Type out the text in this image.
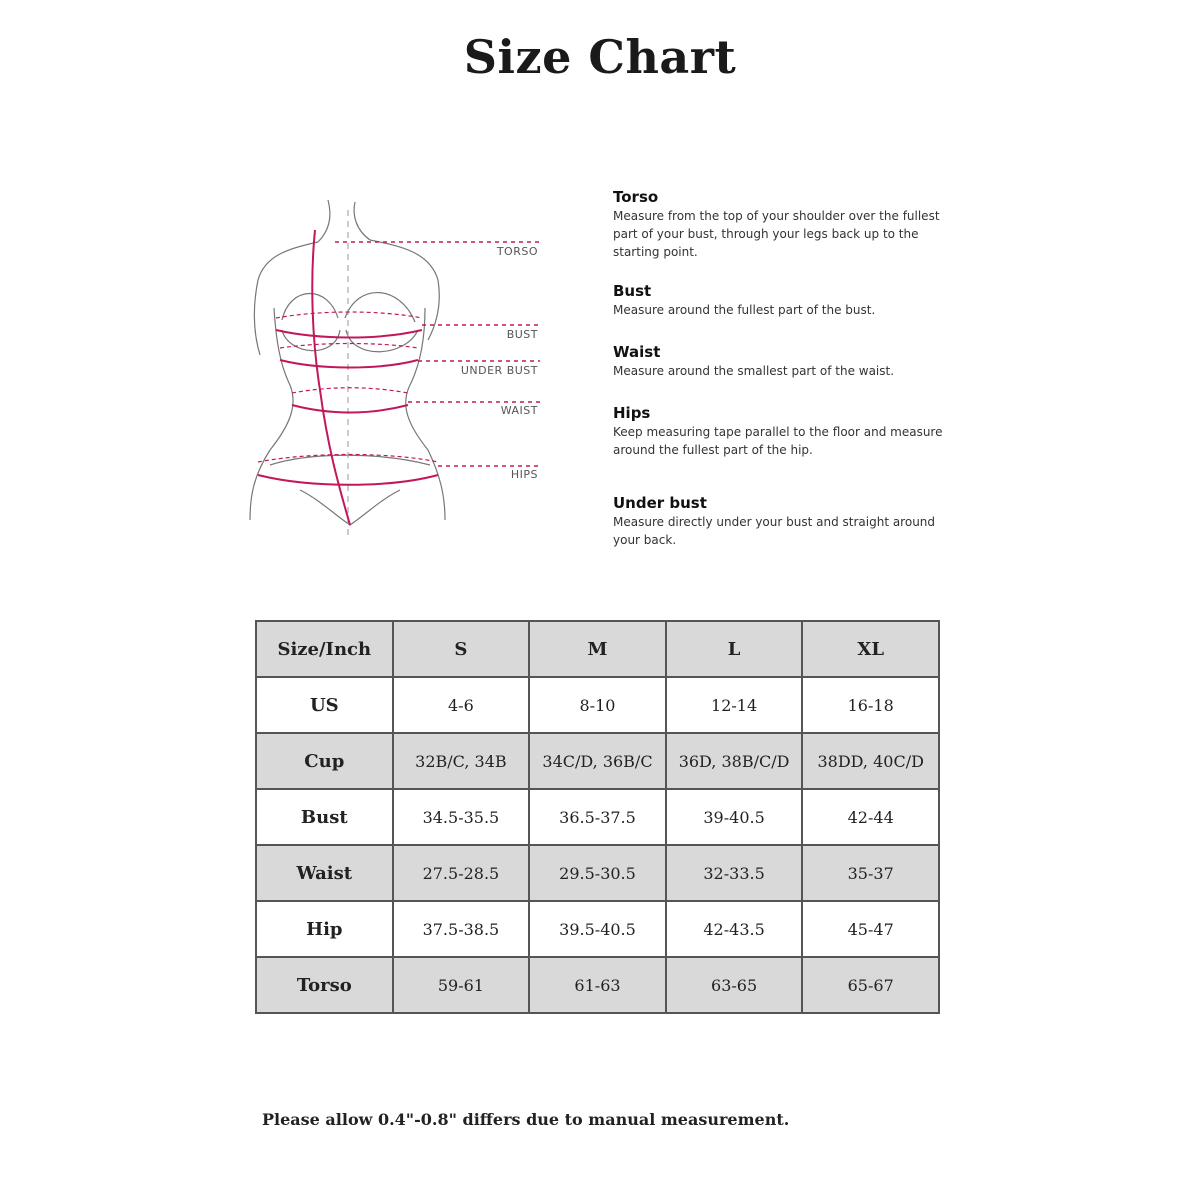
Size Chart
TORSO
BUST
UNDER BUST
WAIST
HIPS
Torso
Measure from the top of your shoulder over the fullest part of your bust, through your legs back up to the starting point.
Bust
Measure around the fullest part of the bust.
Waist
Measure around the smallest part of the waist.
Hips
Keep measuring tape parallel to the floor and measure around the fullest part of the hip.
Under bust
Measure directly under your bust and straight around your back.
Size/Inch	S	M	L	XL
US	4-6	8-10	12-14	16-18
Cup	32B/C, 34B	34C/D, 36B/C	36D, 38B/C/D	38DD, 40C/D
Bust	34.5-35.5	36.5-37.5	39-40.5	42-44
Waist	27.5-28.5	29.5-30.5	32-33.5	35-37
Hip	37.5-38.5	39.5-40.5	42-43.5	45-47
Torso	59-61	61-63	63-65	65-67
Please allow 0.4"-0.8" differs due to manual measurement.
